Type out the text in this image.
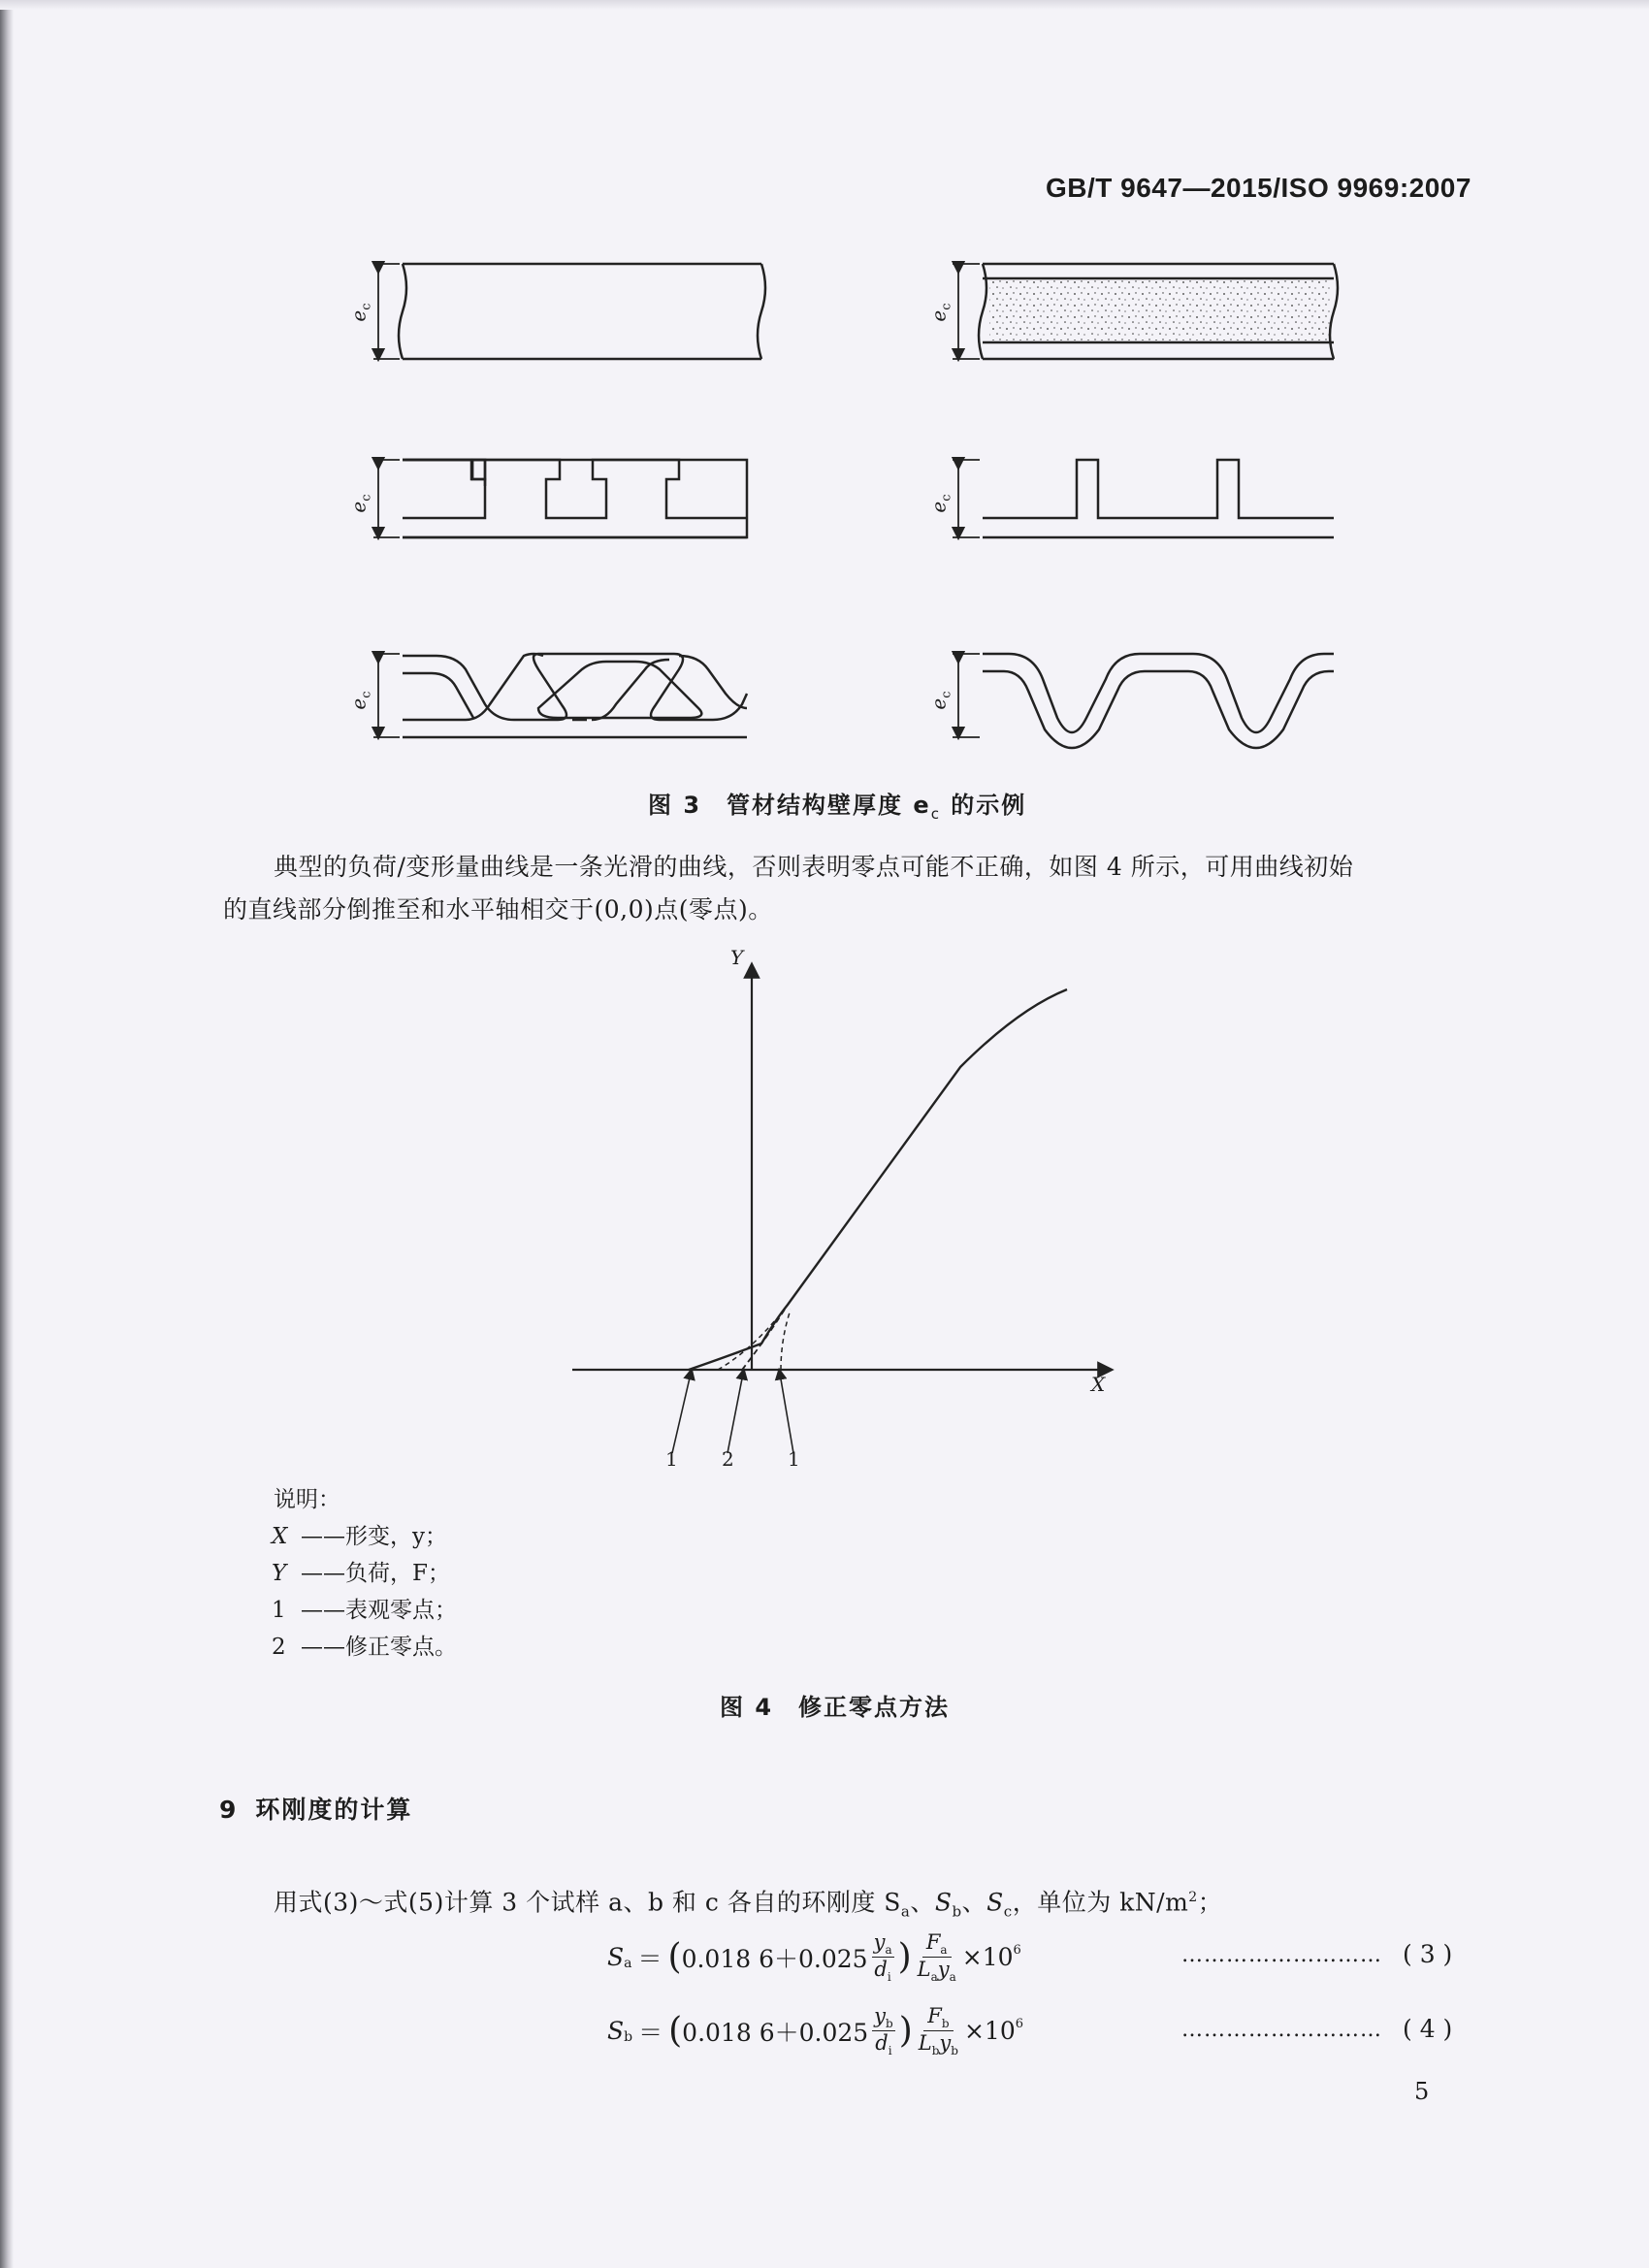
GB/T 9647—2015/ISO 9969:2007
$e_c$
$e_c$
$e_c$
$e_c$
$e_c$
$e_c$
图 3　管材结构壁厚度 $e_c$ 的示例
典型的负荷/变形量曲线是一条光滑的曲线，否则表明零点可能不正确，如图 4 所示，可用曲线初始
的直线部分倒推至和水平轴相交于(0,0)点(零点)。
Y
X
1 2	1
说明：
X ——形变，y；
Y ——负荷，F；
1 ——表观零点；
2 ——修正零点。
图 4　修正零点方法
9 环刚度的计算
用式(3)～式(5)计算 3 个试样 a、b 和 c 各自的环刚度 $S_a$、$S_b$、$S_c$，单位为 $kN/m^2$；
$S_a$ ＝ ( 0.018 6＋0.025
$y_a$
$d_i$
) $F_a$
$L_ay_a$
$\times 10^6$	……………………… ( 3 )
$S_b$ ＝ ( 0.018 6＋0.025
$y_b$
$d_i$
) $F_b$
$L_by_b$
$\times 10^6$	……………………… ( 4 )
5
